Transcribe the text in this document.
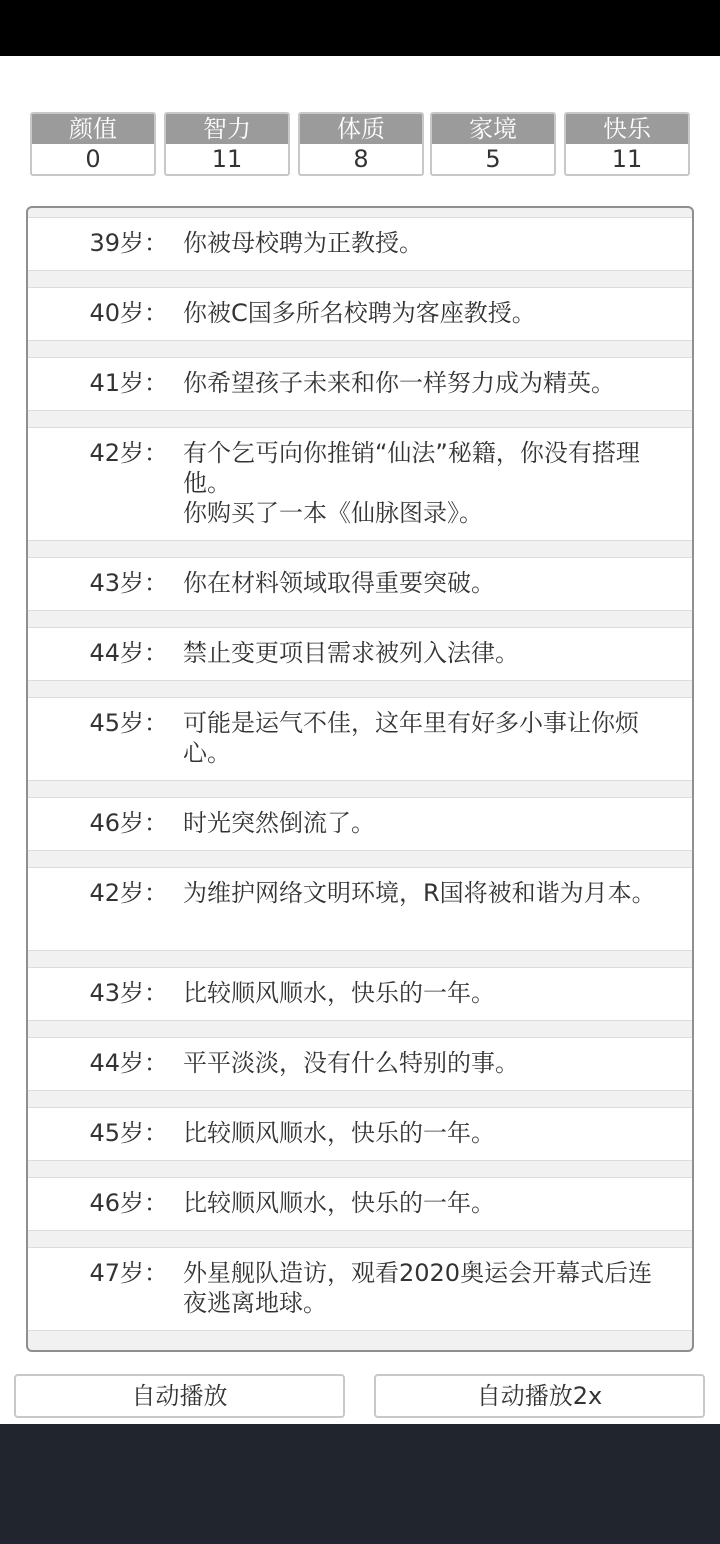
颜值
0
智力
11
体质
8
家境
5
快乐
11
39岁： 你被母校聘为正教授。
40岁： 你被C国多所名校聘为客座教授。
41岁： 你希望孩子未来和你一样努力成为精英。
42岁： 有个乞丐向你推销“仙法”秘籍，你没有搭理他。
你购买了一本《仙脉图录》。
43岁： 你在材料领域取得重要突破。
44岁： 禁止变更项目需求被列入法律。
45岁： 可能是运气不佳，这年里有好多小事让你烦心。
46岁： 时光突然倒流了。
42岁： 为维护网络文明环境，R国将被和谐为月本。
43岁： 比较顺风顺水，快乐的一年。
44岁： 平平淡淡，没有什么特别的事。
45岁： 比较顺风顺水，快乐的一年。
46岁： 比较顺风顺水，快乐的一年。
47岁： 外星舰队造访，观看2020奥运会开幕式后连夜逃离地球。
自动播放	自动播放2x
